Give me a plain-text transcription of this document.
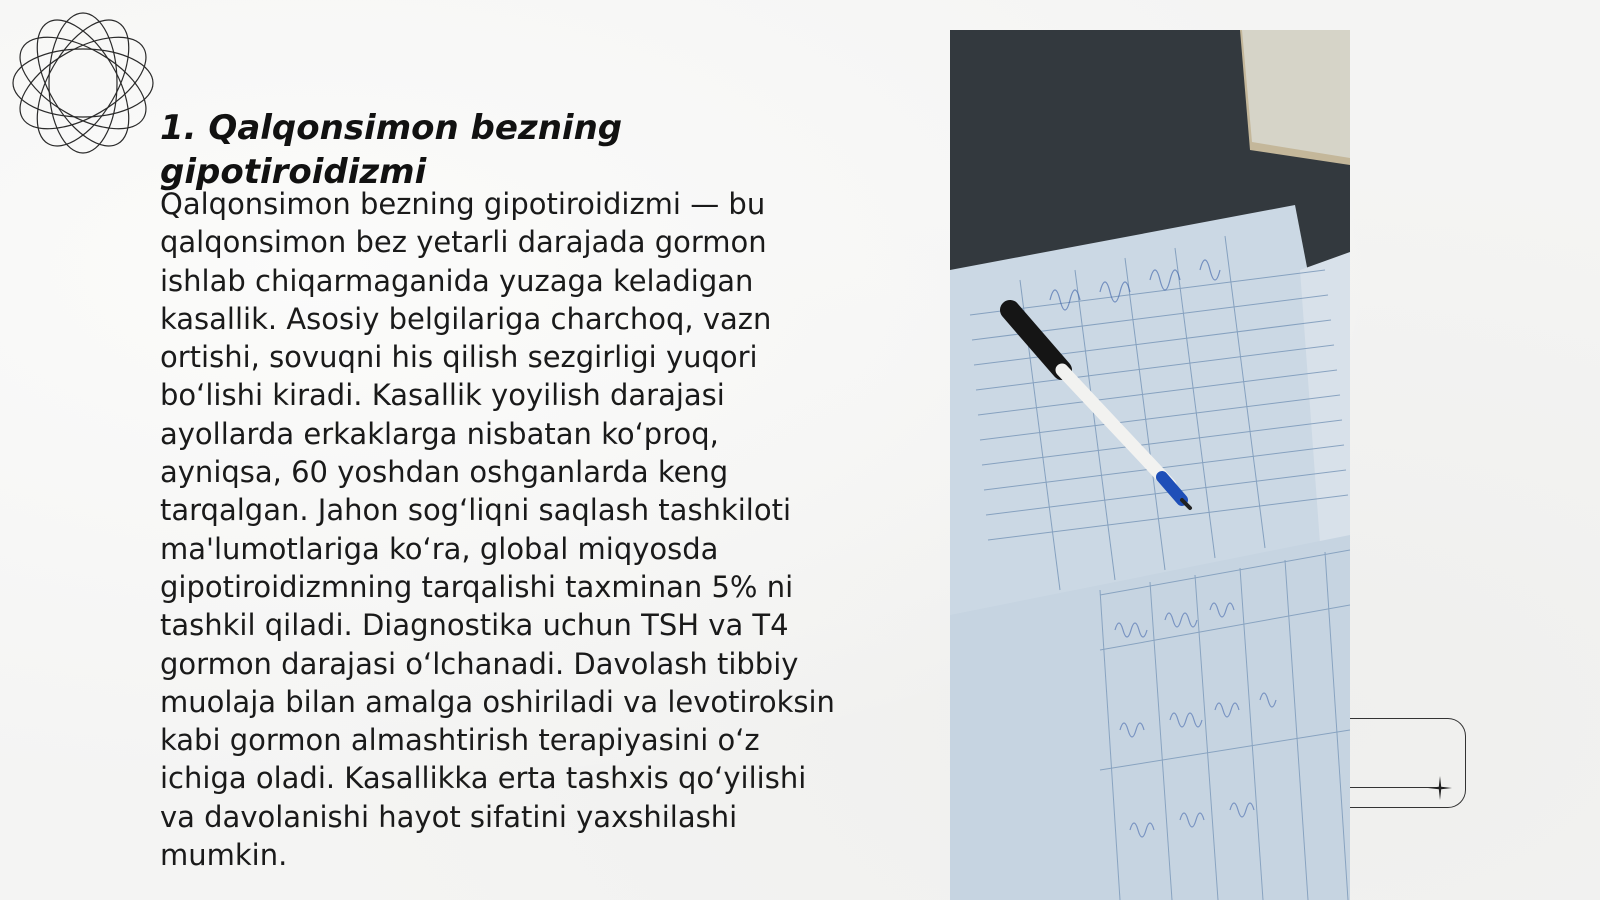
1. Qalqonsimon bezning gipotiroidizmi

Qalqonsimon bezning gipotiroidizmi — bu qalqonsimon bez yetarli darajada gormon ishlab chiqarmaganida yuzaga keladigan kasallik. Asosiy belgilariga charchoq, vazn ortishi, sovuqni his qilish sezgirligi yuqori boʻlishi kiradi. Kasallik yoyilish darajasi ayollarda erkaklarga nisbatan koʻproq, ayniqsa, 60 yoshdan oshganlarda keng tarqalgan. Jahon sogʻliqni saqlash tashkiloti ma'lumotlariga koʻra, global miqyosda gipotiroidizmning tarqalishi taxminan 5% ni tashkil qiladi. Diagnostika uchun TSH va T4 gormon darajasi oʻlchanadi. Davolash tibbiy muolaja bilan amalga oshiriladi va levotiroksin kabi gormon almashtirish terapiyasini oʻz ichiga oladi. Kasallikka erta tashxis qoʻyilishi va davolanishi hayot sifatini yaxshilashi mumkin.
